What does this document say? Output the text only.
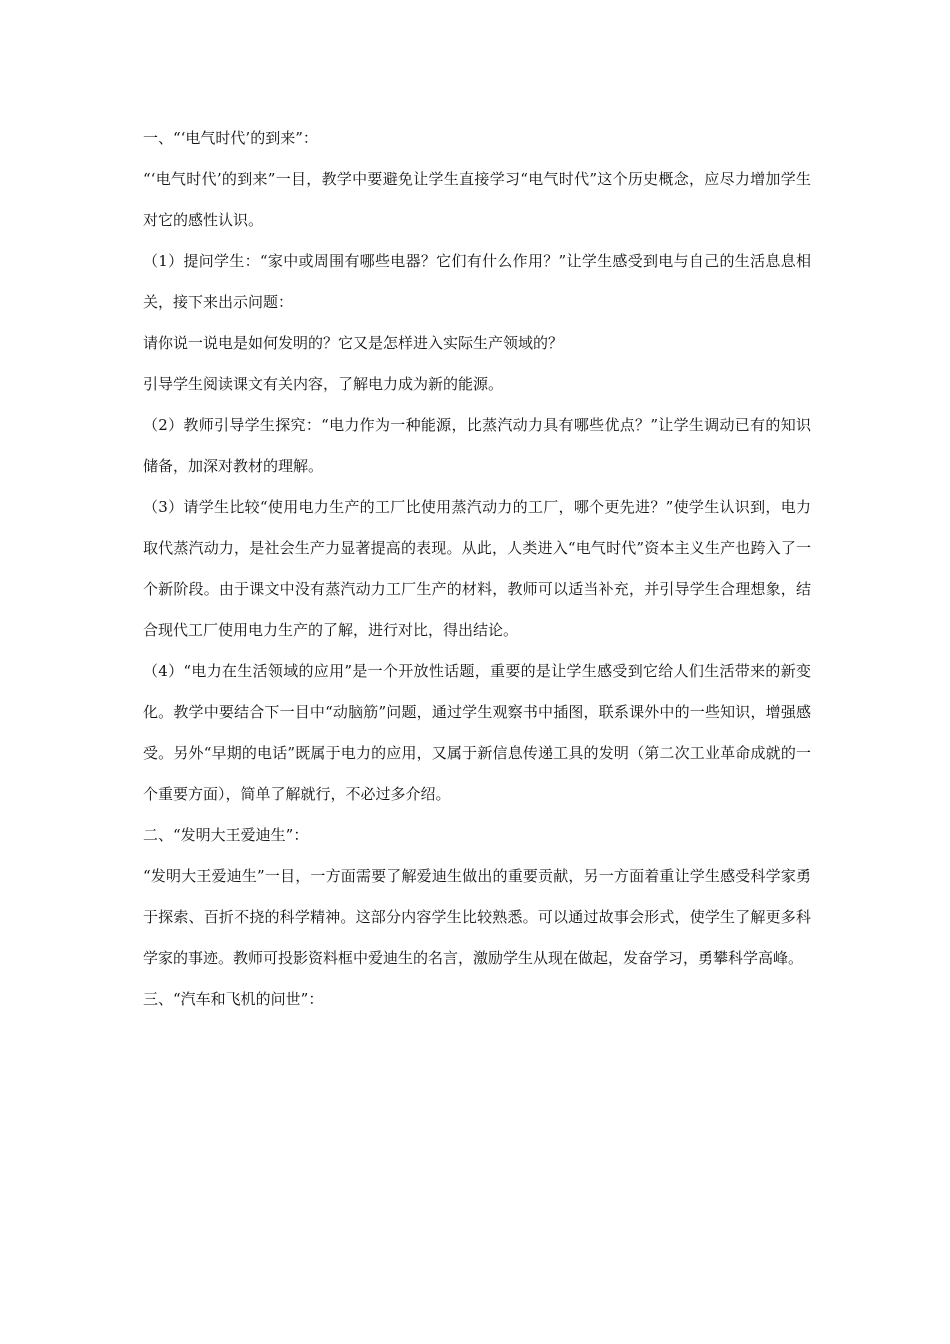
一、“‘电气时代’的到来”：

“‘电气时代’的到来”一目，教学中要避免让学生直接学习“电气时代”这个历史概念，应尽力增加学生对它的感性认识。

（1）提问学生：“家中或周围有哪些电器？它们有什么作用？”让学生感受到电与自己的生活息息相关，接下来出示问题：

请你说一说电是如何发明的？它又是怎样进入实际生产领域的？

引导学生阅读课文有关内容，了解电力成为新的能源。

（2）教师引导学生探究：“电力作为一种能源，比蒸汽动力具有哪些优点？”让学生调动已有的知识储备，加深对教材的理解。

（3）请学生比较“使用电力生产的工厂比使用蒸汽动力的工厂，哪个更先进？”使学生认识到，电力取代蒸汽动力，是社会生产力显著提高的表现。从此，人类进入“电气时代”资本主义生产也跨入了一个新阶段。由于课文中没有蒸汽动力工厂生产的材料，教师可以适当补充，并引导学生合理想象，结合现代工厂使用电力生产的了解，进行对比，得出结论。

（4）“电力在生活领域的应用”是一个开放性话题，重要的是让学生感受到它给人们生活带来的新变化。教学中要结合下一目中“动脑筋”问题，通过学生观察书中插图，联系课外中的一些知识，增强感受。另外“早期的电话”既属于电力的应用，又属于新信息传递工具的发明（第二次工业革命成就的一个重要方面），简单了解就行，不必过多介绍。

二、“发明大王爱迪生”：

“发明大王爱迪生”一目，一方面需要了解爱迪生做出的重要贡献，另一方面着重让学生感受科学家勇于探索、百折不挠的科学精神。这部分内容学生比较熟悉。可以通过故事会形式，使学生了解更多科学家的事迹。教师可投影资料框中爱迪生的名言，激励学生从现在做起，发奋学习，勇攀科学高峰。

三、“汽车和飞机的问世”：
